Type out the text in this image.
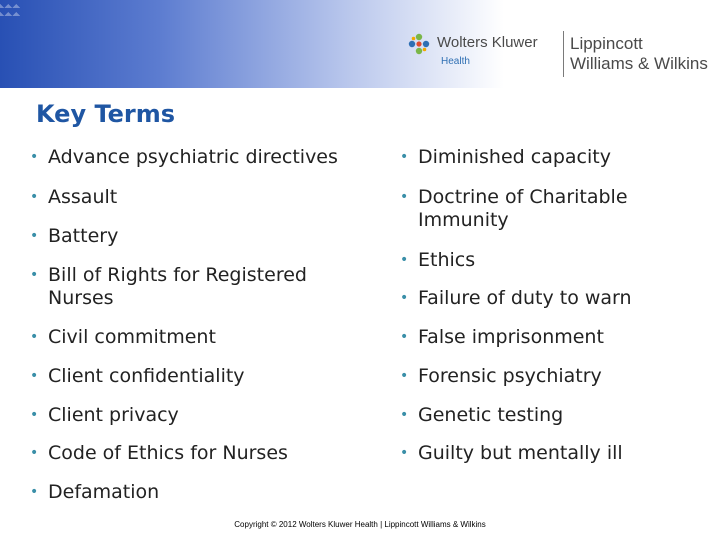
Wolters Kluwer
Health
Lippincott
Williams & Wilkins
Key Terms
• Advance psychiatric directives
• Assault
• Battery
• Bill of Rights for Registered Nurses
• Civil commitment
• Client confidentiality
• Client privacy
• Code of Ethics for Nurses
• Defamation
• Diminished capacity
• Doctrine of Charitable Immunity
• Ethics
• Failure of duty to warn
• False imprisonment
• Forensic psychiatry
• Genetic testing
• Guilty but mentally ill
Copyright © 2012 Wolters Kluwer Health | Lippincott Williams & Wilkins
